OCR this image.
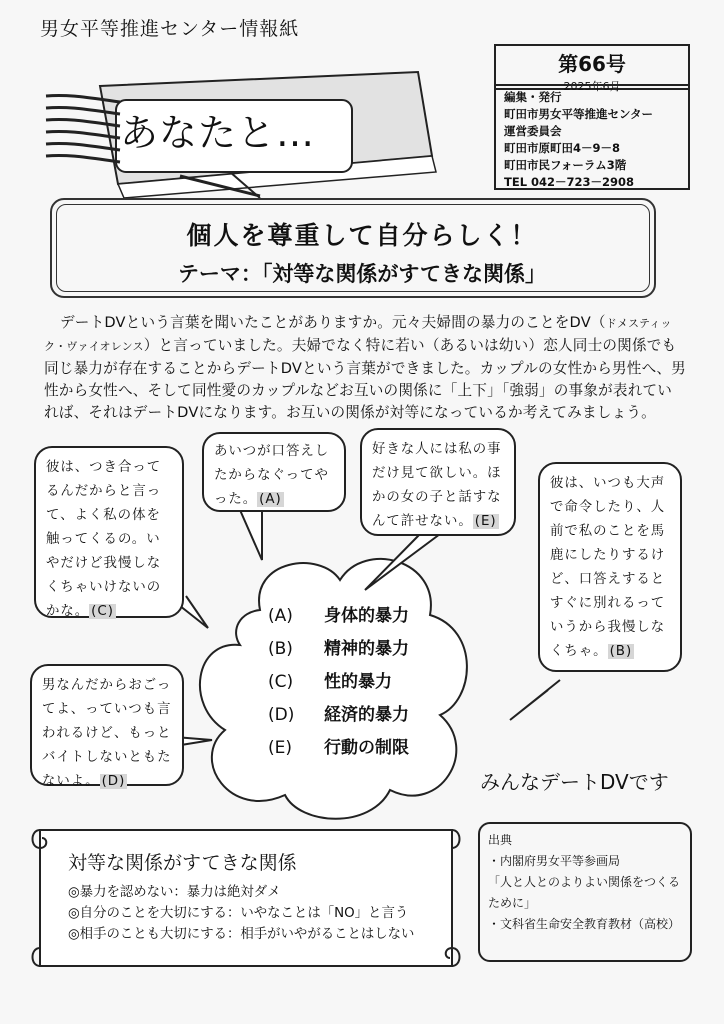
男女平等推進センター情報紙
あなたと…
第66号
2025年6月
編集・発行
町田市男女平等推進センター
運営委員会
町田市原町田4－9－8
町田市民フォーラム3階
TEL 042－723－2908
個人を尊重して自分らしく！
テーマ：「対等な関係がすてきな関係」
デートDVという言葉を聞いたことがありますか。元々夫婦間の暴力のことをDV（ドメスティック・ヴァイオレンス）と言っていました。夫婦でなく特に若い（あるいは幼い）恋人同士の関係でも同じ暴力が存在することからデートDVという言葉ができました。カップルの女性から男性へ、男性から女性へ、そして同性愛のカップルなどお互いの関係に「上下」「強弱」の事象が表れていれば、それはデートDVになります。お互いの関係が対等になっているか考えてみましょう。
(A) 身体的暴力
(B) 精神的暴力
(C) 性的暴力
(D) 経済的暴力
(E) 行動の制限
彼は、つき合ってるんだからと言って、よく私の体を触ってくるの。いやだけど我慢しなくちゃいけないのかな。 (C)
あいつが口答えしたからなぐってやった。 (A)
好きな人には私の事だけ見て欲しい。ほかの女の子と話すなんて許せない。 (E)
彼は、いつも大声で命令したり、人前で私のことを馬鹿にしたりするけど、口答えするとすぐに別れるっていうから我慢しなくちゃ。 (B)
男なんだからおごってよ、っていつも言われるけど、もっとバイトしないともたないよ。 (D)	みんなデートDVです
対等な関係がすてきな関係
◎暴力を認めない：暴力は絶対ダメ
◎自分のことを大切にする：いやなことは「NO」と言う
◎相手のことも大切にする：相手がいやがることはしない
出典
・内閣府男女平等参画局
「人と人とのよりよい関係をつくるために」
・文科省生命安全教育教材（高校）
